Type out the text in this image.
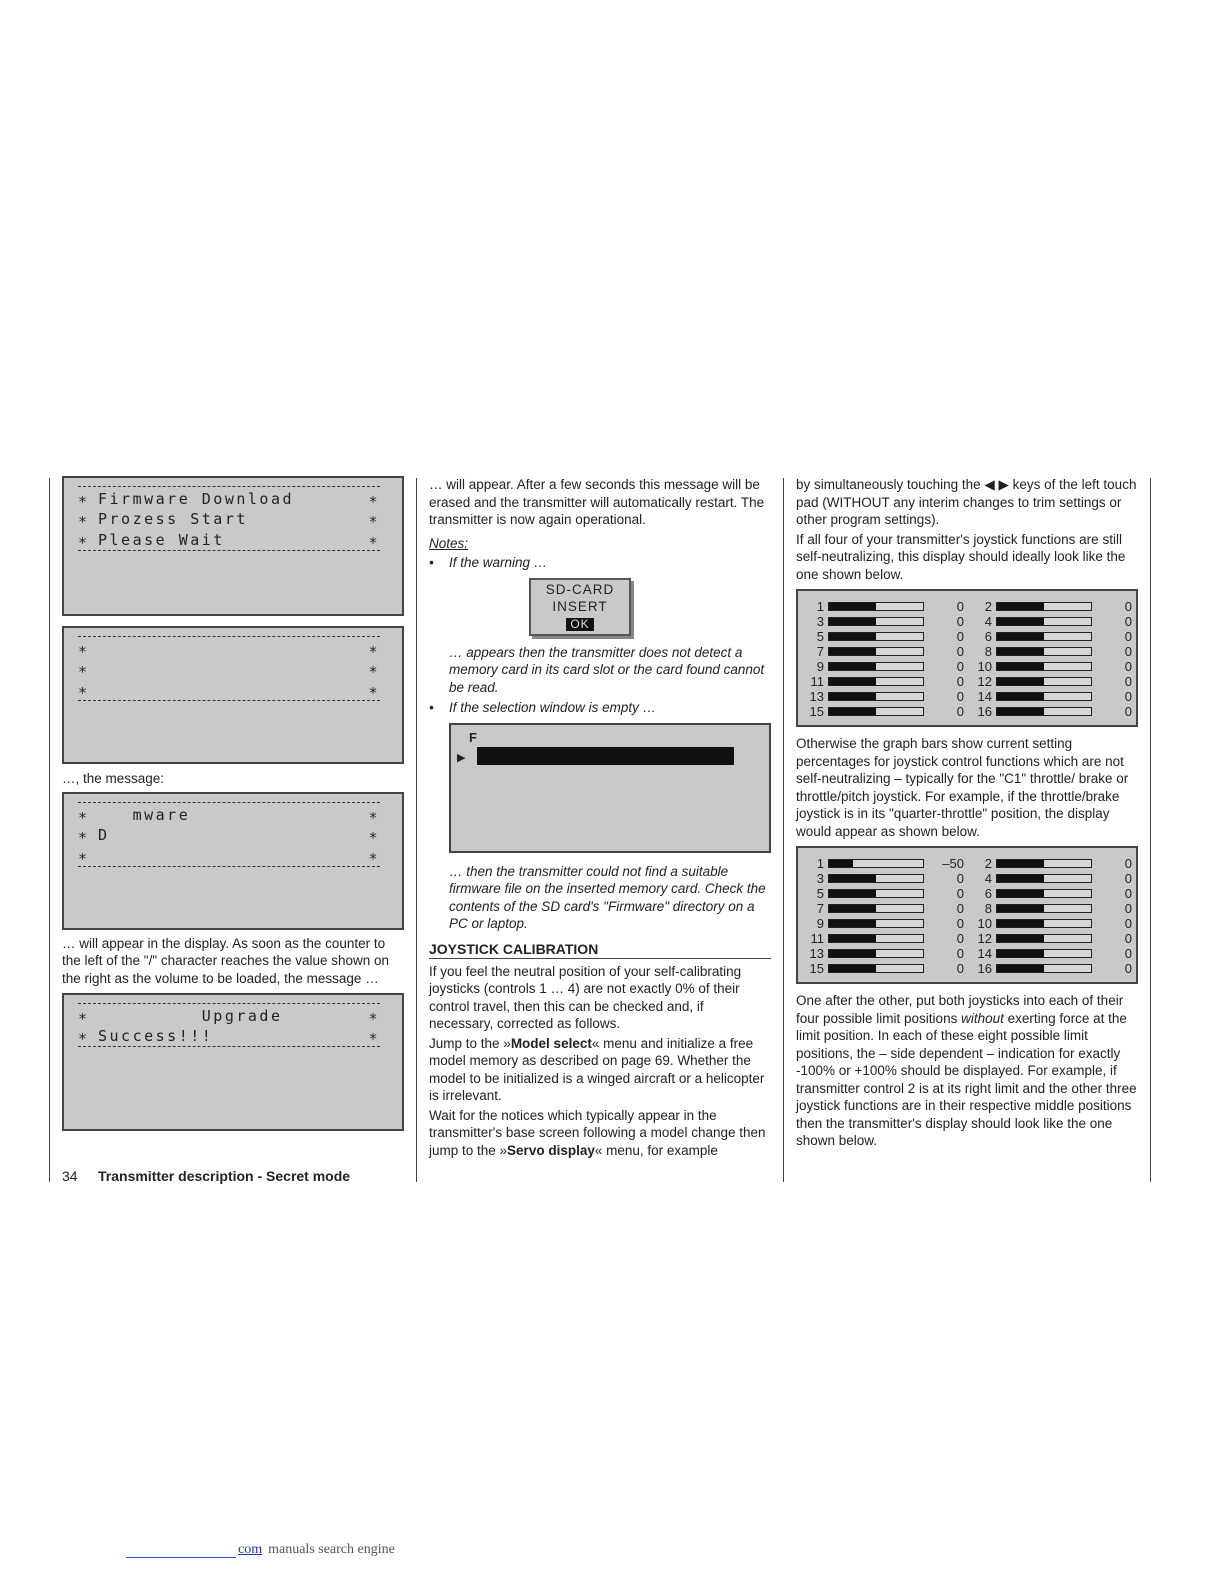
∗ Firmware Download	∗
∗ Prozess Start	∗
∗ Please Wait	∗
∗	∗
∗	∗
∗	∗

…, the message:

∗ mware	∗
∗ D	∗
∗	∗

… will appear in the display. As soon as the counter to the left of the "/" character reaches the value shown on the right as the volume to be loaded, the message …

∗ Upgrade	∗
∗ Success!!!	∗

… will appear. After a few seconds this message will be erased and the transmitter will automatically restart. The transmitter is now again operational.

Notes:

• If the warning …
SD-CARD
INSERT
OK

… appears then the transmitter does not detect a memory card in its card slot or the card found cannot be read.

• If the selection window is empty …
F
▶

… then the transmitter could not find a suitable firmware file on the inserted memory card. Check the contents of the SD card's "Firmware" directory on a PC or laptop.

JOYSTICK CALIBRATION

If you feel the neutral position of your self-calibrating joysticks (controls 1 … 4) are not exactly 0% of their control travel, then this can be checked and, if necessary, corrected as follows.

Jump to the »Model select« menu and initialize a free model memory as described on page 69. Whether the model to be initialized is a winged aircraft or a helicopter is irrelevant.

Wait for the notices which typically appear in the transmitter's base screen following a model change then jump to the »Servo display« menu, for example

by simultaneously touching the ◀ ▶ keys of the left touch pad (WITHOUT any interim changes to trim settings or other program settings).

If all four of your transmitter's joystick functions are still self-neutralizing, this display should ideally look like the one shown below.

1	0	2	0
3	0	4	0
5	0	6	0
7	0	8	0
9	0	10	0
11	0	12	0
13	0	14	0
15	0	16	0

Otherwise the graph bars show current setting percentages for joystick control functions which are not self-neutralizing – typically for the "C1" throttle/ brake or throttle/pitch joystick. For example, if the throttle/brake joystick is in its "quarter-throttle" position, the display would appear as shown below.

1	–50	2	0
3	0	4	0
5	0	6	0
7	0	8	0
9	0	10	0
11	0	12	0
13	0	14	0
15	0	16	0

One after the other, put both joysticks into each of their four possible limit positions without exerting force at the limit position. In each of these eight possible limit positions, the – side dependent – indication for exactly -100% or +100% should be displayed. For example, if transmitter control 2 is at its right limit and the other three joystick functions are in their respective middle positions then the transmitter's display should look like the one shown below.

34 Transmitter description - Secret mode
com manuals search engine
